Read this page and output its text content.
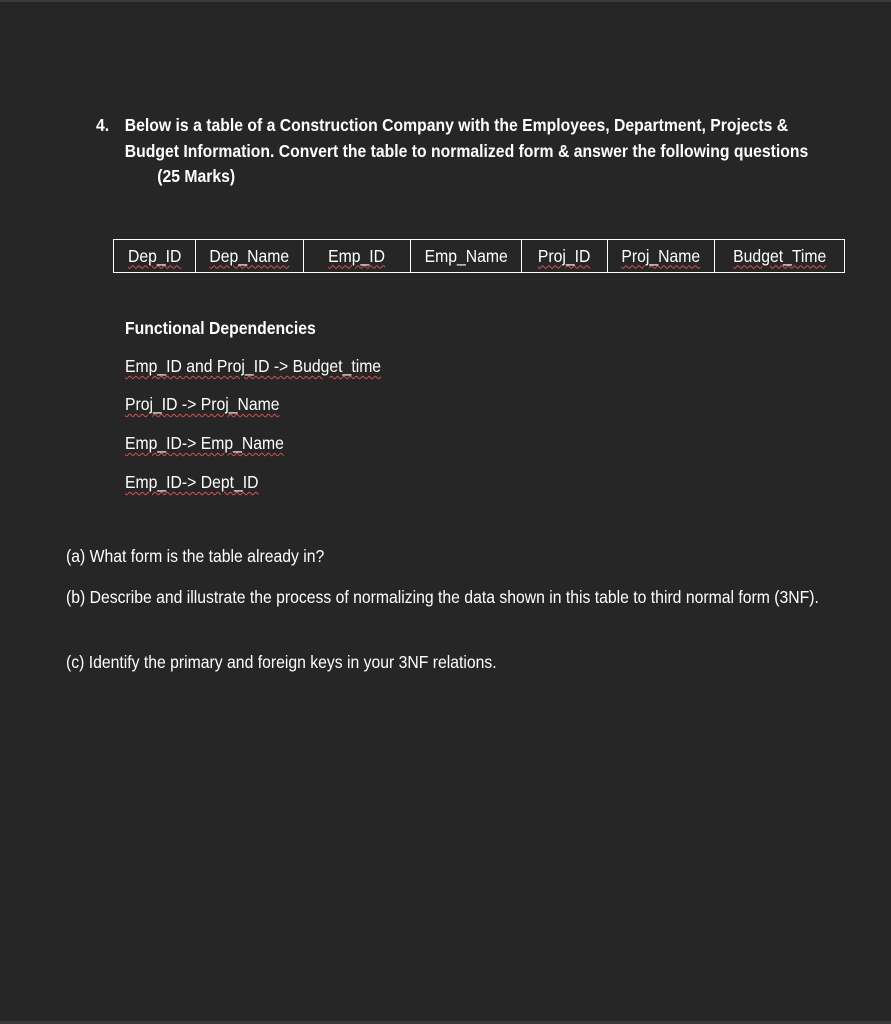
4. Below is a table of a Construction Company with the Employees, Department, Projects & Budget Information. Convert the table to normalized form & answer the following questions(25 Marks)
Dep_ID	Dep_Name	Emp_ID	Emp_Name	Proj_ID	Proj_Name	Budget_Time
Functional Dependencies
Emp_ID and Proj_ID -> Budget_time
Proj_ID -> Proj_Name
Emp_ID-> Emp_Name
Emp_ID-> Dept_ID
(a) What form is the table already in?
(b) Describe and illustrate the process of normalizing the data shown in this table to third normal form (3NF).
(c) Identify the primary and foreign keys in your 3NF relations.
